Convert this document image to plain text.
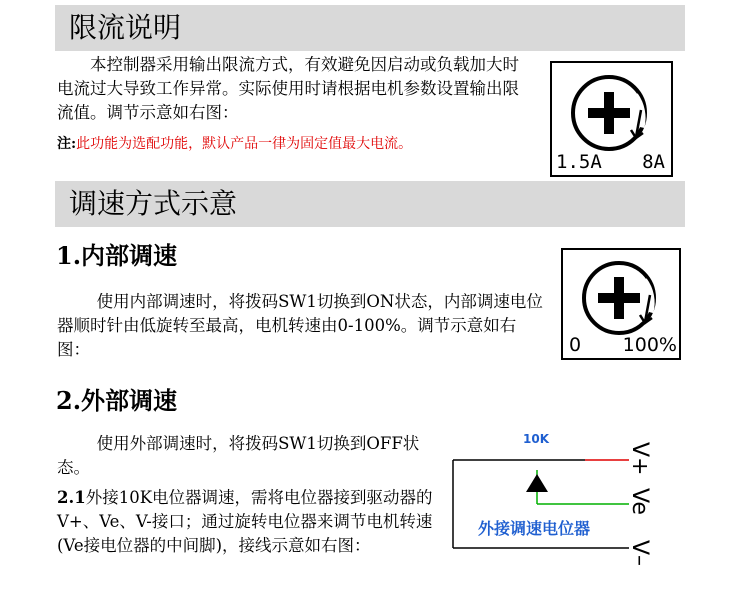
限流说明

本控制器采用输出限流方式，有效避免因启动或负载加大时电流过大导致工作异常。实际使用时请根据电机参数设置输出限流值。调节示意如右图：

注:此功能为选配功能，默认产品一律为固定值最大电流。
1.5A 8A
调速方式示意
1.内部调速

使用内部调速时，将拨码SW1切换到ON状态，内部调速电位器顺时针由低旋转至最高，电机转速由0-100%。调节示意如右图：	0 100%
2.外部调速

使用外部调速时，将拨码SW1切换到OFF状态。

2.1外接10K电位器调速，需将电位器接到驱动器的V+、Ve、V-接口；通过旋转电位器来调节电机转速(Ve接电位器的中间脚)，接线示意如右图：
10K
外接调速电位器
V+
Ve
V–
